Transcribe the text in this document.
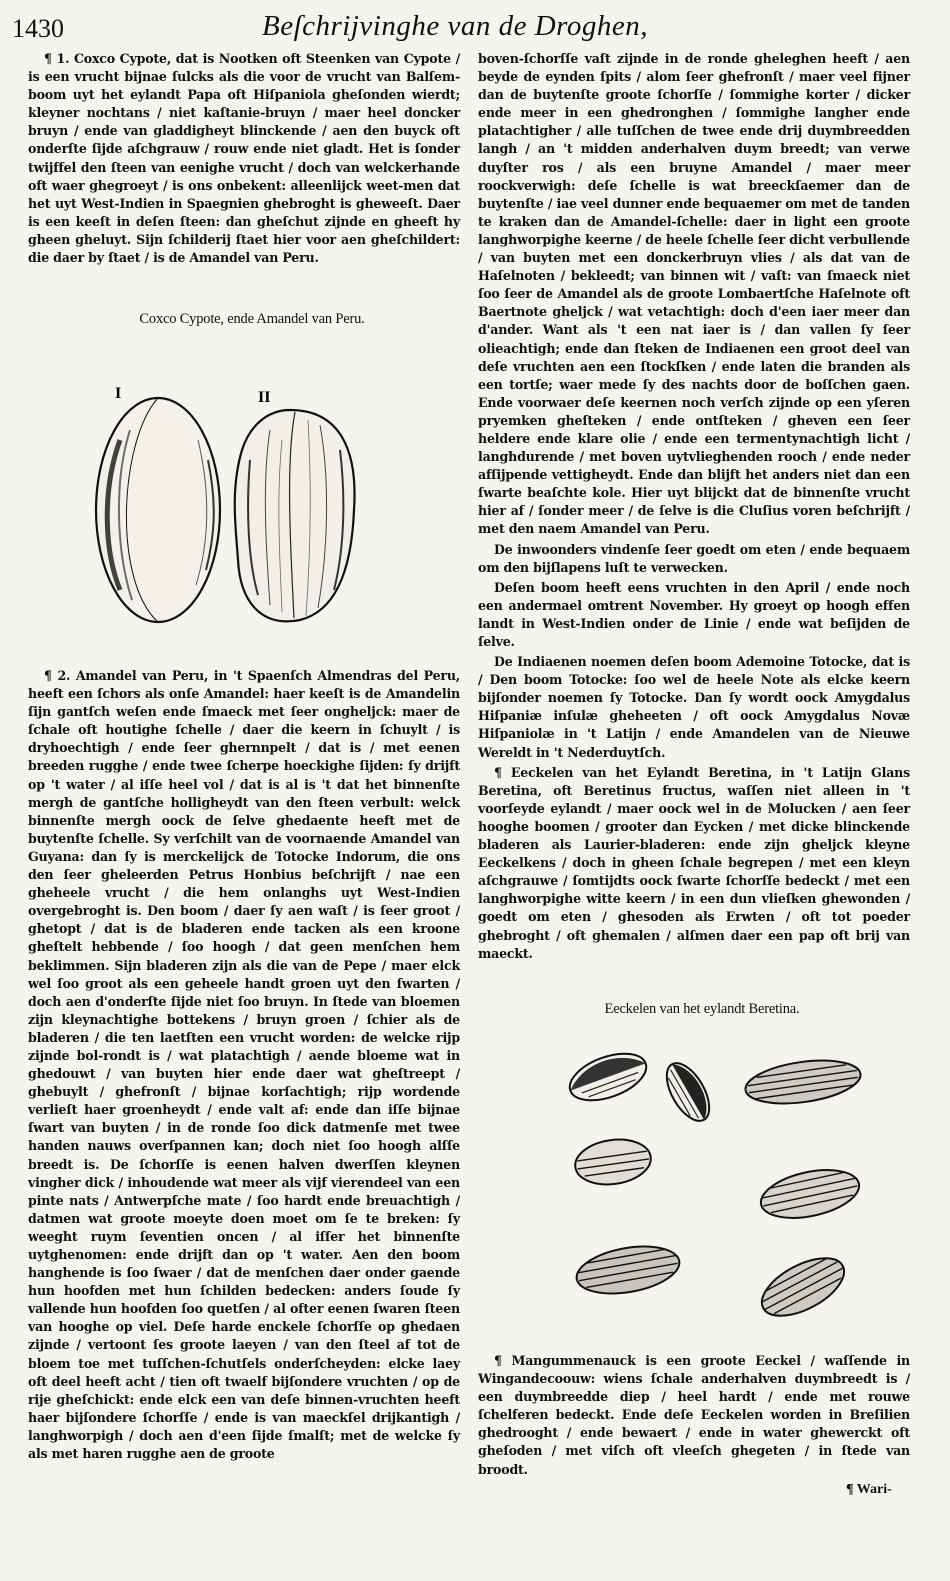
1430	Beſchrijvinghe van de Droghen,

¶ 1. Coxco Cypote, dat is Nootken oft Steenken van Cypote / is een vrucht bijnae ſulcks als die voor de vrucht van Balſem-boom uyt het eylandt Papa oft Hiſpaniola gheſonden wierdt; kleyner nochtans / niet kaſtanie-bruyn / maer heel doncker bruyn / ende van gladdigheyt blinckende / aen den buyck oft onderſte ſijde aſchgrauw / rouw ende niet gladt. Het is ſonder twijffel den ſteen van eenighe vrucht / doch van welckerhande oft waer ghegroeyt / is ons onbekent: alleenlijck weet-men dat het uyt West-Indien in Spaegnien ghebroght is gheweeſt. Daer is een keeſt in deſen ſteen: dan gheſchut zijnde en gheeft hy gheen gheluyt. Sijn ſchilderij ſtaet hier voor aen gheſchildert: die daer by ſtaet / is de Amandel van Peru.

Coxco Cypote, ende Amandel van Peru.

I	II

¶ 2. Amandel van Peru, in 't Spaenſch Almendras del Peru, heeft een ſchors als onſe Amandel: haer keeſt is de Amandelin ſijn gantſch weſen ende ſmaeck met ſeer ongheljck: maer de ſchale oft houtighe ſchelle / daer die keern in ſchuylt / is dryhoechtigh / ende ſeer ghernnpelt / dat is / met eenen breeden rugghe / ende twee ſcherpe hoeckighe ſijden: ſy drijft op 't water / al iſſe heel vol / dat is al is 't dat het binnenſte mergh de gantſche holligheydt van den ſteen verbult: welck binnenſte mergh oock de ſelve ghedaente heeft met de buytenſte ſchelle. Sy verſchilt van de voornaende Amandel van Guyana: dan ſy is merckelijck de Totocke Indorum, die ons den ſeer gheleerden Petrus Honbius beſchrijft / nae een gheheele vrucht / die hem onlanghs uyt West-Indien overgebroght is. Den boom / daer ſy aen waſt / is ſeer groot / ghetopt / dat is de bladeren ende tacken als een kroone gheſtelt hebbende / ſoo hoogh / dat geen menſchen hem beklimmen. Sijn bladeren zijn als die van de Pepe / maer elck wel ſoo groot als een geheele handt groen uyt den ſwarten / doch aen d'onderſte ſijde niet ſoo bruyn. In ſtede van bloemen zijn kleynachtighe bottekens / bruyn groen / ſchier als de bladeren / die ten laetſten een vrucht worden: de welcke rijp zijnde bol-rondt is / wat platachtigh / aende bloeme wat in ghedouwt / van buyten hier ende daer wat gheſtreept / ghebuylt / ghefronſt / bijnae korſachtigh; rijp wordende verlieſt haer groenheydt / ende valt af: ende dan iſſe bijnae ſwart van buyten / in de ronde ſoo dick datmenſe met twee handen nauws overſpannen kan; doch niet ſoo hoogh alſſe breedt is. De ſchorſſe is eenen halven dwerſſen kleynen vingher dick / inhoudende wat meer als vijf vierendeel van een pinte nats / Antwerpſche mate / ſoo hardt ende breuachtigh / datmen wat groote moeyte doen moet om ſe te breken: ſy weeght ruym ſeventien oncen / al iſſer het binnenſte uytghenomen: ende drijft dan op 't water. Aen den boom hanghende is ſoo ſwaer / dat de menſchen daer onder gaende hun hoofden met hun ſchilden bedecken: anders ſoude ſy vallende hun hoofden ſoo quetſen / al ofter eenen ſwaren ſteen van hooghe op viel. Deſe harde enckele ſchorſſe op ghedaen zijnde / vertoont ſes groote laeyen / van den ſteel af tot de bloem toe met tuſſchen-ſchutſels onderſcheyden: elcke laey oft deel heeft acht / tien oft twaelf bijſondere vruchten / op de rije gheſchickt: ende elck een van deſe binnen-vruchten heeft haer bijſondere ſchorſſe / ende is van maeckſel drijkantigh / langhworpigh / doch aen d'een ſijde ſmalſt; met de welcke ſy als met haren rugghe aen de groote

boven-ſchorſſe vaſt zijnde in de ronde gheleghen heeft / aen beyde de eynden ſpits / alom ſeer ghefronſt / maer veel fijner dan de buytenſte groote ſchorſſe / ſommighe korter / dicker ende meer in een ghedronghen / ſommighe langher ende platachtigher / alle tuſſchen de twee ende drij duymbreedden langh / an 't midden anderhalven duym breedt; van verwe duyſter ros / als een bruyne Amandel / maer meer roockverwigh: deſe ſchelle is wat breeckſaemer dan de buytenſte / iae veel dunner ende bequaemer om met de tanden te kraken dan de Amandel-ſchelle: daer in light een groote langhworpighe keerne / de heele ſchelle ſeer dicht verbullende / van buyten met een donckerbruyn vlies / als dat van de Haſelnoten / bekleedt; van binnen wit / vaſt: van ſmaeck niet ſoo ſeer de Amandel als de groote Lombaertſche Haſelnote oft Baertnote gheljck / wat vetachtigh: doch d'een iaer meer dan d'ander. Want als 't een nat iaer is / dan vallen ſy ſeer olieachtigh; ende dan ſteken de Indiaenen een groot deel van deſe vruchten aen een ſtockſken / ende laten die branden als een tortſe; waer mede ſy des nachts door de boſſchen gaen. Ende voorwaer deſe keernen noch verſch zijnde op een yſeren pryemken gheſteken / ende ontſteken / gheven een ſeer heldere ende klare olie / ende een termentynachtigh licht / langhdurende / met boven uytvlieghenden rooch / ende neder afſijpende vettigheydt. Ende dan blijft het anders niet dan een ſwarte beaſchte kole. Hier uyt blijckt dat de binnenſte vrucht hier af / ſonder meer / de ſelve is die Cluſius voren beſchrijft / met den naem Amandel van Peru.

De inwoonders vindenſe ſeer goedt om eten / ende bequaem om den bijſlapens luſt te verwecken.

Deſen boom heeft eens vruchten in den April / ende noch een andermael omtrent November. Hy groeyt op hoogh effen landt in West-Indien onder de Linie / ende wat beſijden de ſelve.

De Indiaenen noemen deſen boom Ademoine Totocke, dat is / Den boom Totocke: ſoo wel de heele Note als elcke keern bijſonder noemen ſy Totocke. Dan ſy wordt oock Amygdalus Hiſpaniæ inſulæ gheheeten / oft oock Amygdalus Novæ Hiſpaniolæ in 't Latijn / ende Amandelen van de Nieuwe Wereldt in 't Nederduytſch.

¶ Eeckelen van het Eylandt Beretina, in 't Latijn Glans Beretina, oft Beretinus fructus, waſſen niet alleen in 't voorſeyde eylandt / maer oock wel in de Molucken / aen ſeer hooghe boomen / grooter dan Eycken / met dicke blinckende bladeren als Laurier-bladeren: ende zijn gheljck kleyne Eeckelkens / doch in gheen ſchale begrepen / met een kleyn aſchgrauwe / ſomtijdts oock ſwarte ſchorſſe bedeckt / met een langhworpighe witte keern / in een dun vlieſken ghewonden / goedt om eten / ghesoden als Erwten / oft tot poeder ghebroght / oft ghemalen / alſmen daer een pap oft brij van maeckt.

Eeckelen van het eylandt Beretina.

¶ Mangummenauck is een groote Eeckel / waſſende in Wingandecoouw: wiens ſchale anderhalven duymbreedt is / een duymbreedde diep / heel hardt / ende met rouwe ſchelferen bedeckt. Ende deſe Eeckelen worden in Breſilien ghedrooght / ende bewaert / ende in water ghewerckt oft gheſoden / met viſch oft vleeſch ghegeten / in ſtede van broodt.

¶ Wari-
